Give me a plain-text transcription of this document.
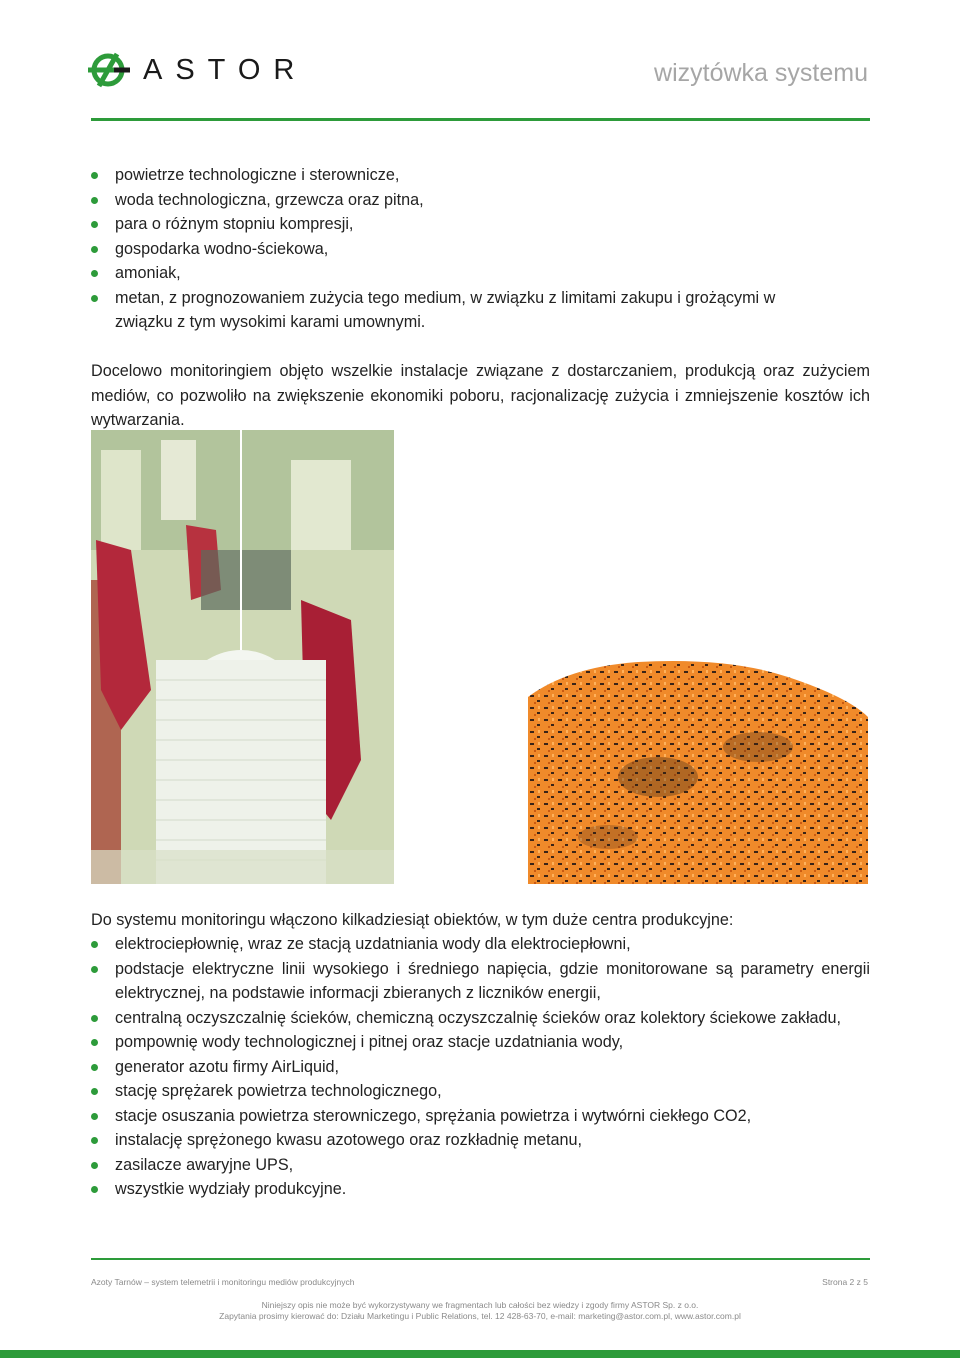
ASTOR	wizytówka systemu
powietrze technologiczne i sterownicze,
woda technologiczna, grzewcza oraz pitna,
para o różnym stopniu kompresji,
gospodarka wodno-ściekowa,
amoniak,
metan, z prognozowaniem zużycia tego medium, w związku z limitami zakupu i grożącymi w związku z tym wysokimi karami umownymi.
Docelowo monitoringiem objęto wszelkie instalacje związane z dostarczaniem, produkcją oraz zużyciem mediów, co pozwoliło na zwiększenie ekonomiki poboru, racjonalizację zużycia i zmniejszenie kosztów ich wytwarzania.
Do systemu monitoringu włączono kilkadziesiąt obiektów, w tym duże centra produkcyjne:
elektrociepłownię, wraz ze stacją uzdatniania wody dla elektrociepłowni,
podstacje elektryczne linii wysokiego i średniego napięcia, gdzie monitorowane są parametry energii elektrycznej, na podstawie informacji zbieranych z liczników energii,
centralną oczyszczalnię ścieków, chemiczną oczyszczalnię ścieków oraz kolektory ściekowe zakładu,
pompownię wody technologicznej i pitnej oraz stacje uzdatniania wody,
generator azotu firmy AirLiquid,
stację sprężarek powietrza technologicznego,
stacje osuszania powietrza sterowniczego, sprężania powietrza i wytwórni ciekłego CO2,
instalację sprężonego kwasu azotowego oraz rozkładnię metanu,
zasilacze awaryjne UPS,
wszystkie wydziały produkcyjne.
Azoty Tarnów – system telemetrii i monitoringu mediów produkcyjnych	Strona 2 z 5
Niniejszy opis nie może być wykorzystywany we fragmentach lub całości bez wiedzy i zgody firmy ASTOR Sp. z o.o.
Zapytania prosimy kierować do: Działu Marketingu i Public Relations, tel. 12 428-63-70, e-mail: marketing@astor.com.pl, www.astor.com.pl
